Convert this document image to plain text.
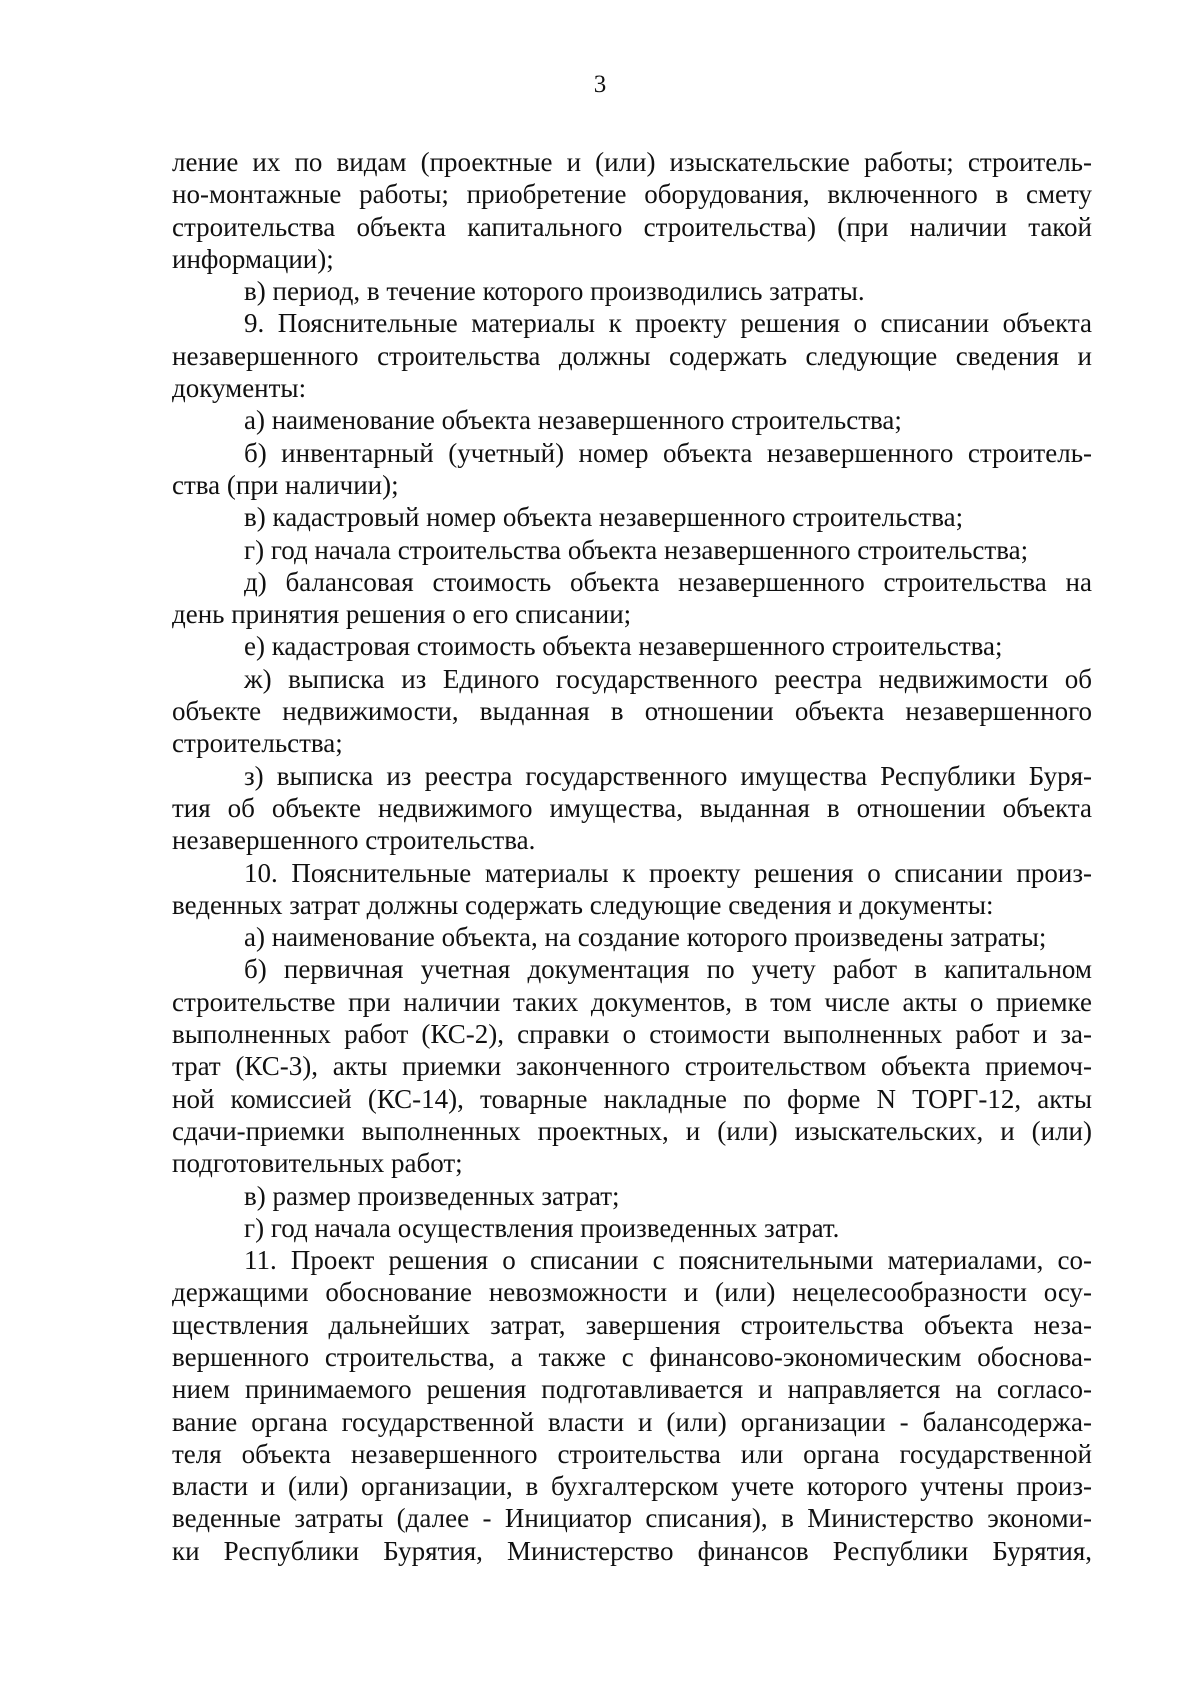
3
ление их по видам (проектные и (или) изыскательские работы; строитель-
но-монтажные работы; приобретение оборудования, включенного в смету
строительства объекта капитального строительства) (при наличии такой
информации);
в) период, в течение которого производились затраты.
9. Пояснительные материалы к проекту решения о списании объекта
незавершенного строительства должны содержать следующие сведения и
документы:
а) наименование объекта незавершенного строительства;
б) инвентарный (учетный) номер объекта незавершенного строитель-
ства (при наличии);
в) кадастровый номер объекта незавершенного строительства;
г) год начала строительства объекта незавершенного строительства;
д) балансовая стоимость объекта незавершенного строительства на
день принятия решения о его списании;
е) кадастровая стоимость объекта незавершенного строительства;
ж) выписка из Единого государственного реестра недвижимости об
объекте недвижимости, выданная в отношении объекта незавершенного
строительства;
з) выписка из реестра государственного имущества Республики Буря-
тия об объекте недвижимого имущества, выданная в отношении объекта
незавершенного строительства.
10. Пояснительные материалы к проекту решения о списании произ-
веденных затрат должны содержать следующие сведения и документы:
а) наименование объекта, на создание которого произведены затраты;
б) первичная учетная документация по учету работ в капитальном
строительстве при наличии таких документов, в том числе акты о приемке
выполненных работ (КС-2), справки о стоимости выполненных работ и за-
трат (КС-3), акты приемки законченного строительством объекта приемоч-
ной комиссией (КС-14), товарные накладные по форме N ТОРГ-12, акты
сдачи-приемки выполненных проектных, и (или) изыскательских, и (или)
подготовительных работ;
в) размер произведенных затрат;
г) год начала осуществления произведенных затрат.
11. Проект решения о списании с пояснительными материалами, со-
держащими обоснование невозможности и (или) нецелесообразности осу-
ществления дальнейших затрат, завершения строительства объекта неза-
вершенного строительства, а также с финансово-экономическим обоснова-
нием принимаемого решения подготавливается и направляется на согласо-
вание органа государственной власти и (или) организации - балансодержа-
теля объекта незавершенного строительства или органа государственной
власти и (или) организации, в бухгалтерском учете которого учтены произ-
веденные затраты (далее - Инициатор списания), в Министерство экономи-
ки Республики Бурятия, Министерство финансов Республики Бурятия,
